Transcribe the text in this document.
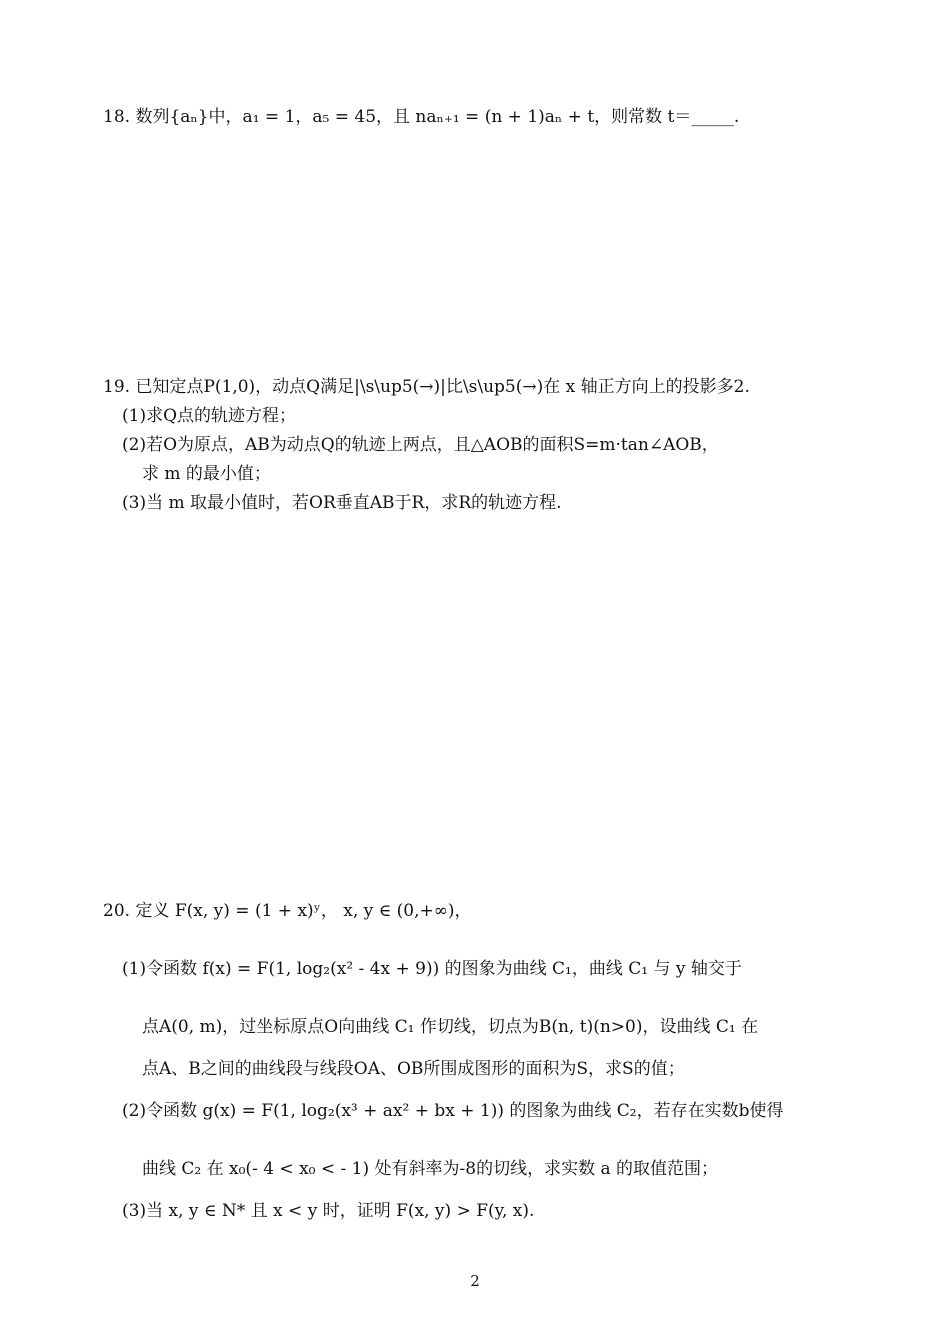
18. 数列{aₙ}中，a₁ = 1，a₅ = 45，且 naₙ₊₁ = (n + 1)aₙ + t，则常数 t＝_____.
19. 已知定点P(1,0)，动点Q满足|\s\up5(→)|比\s\up5(→)在 x 轴正方向上的投影多2.
(1)求Q点的轨迹方程；
(2)若O为原点，AB为动点Q的轨迹上两点，且△AOB的面积S=m·tan∠AOB，
求 m 的最小值；
(3)当 m 取最小值时，若OR垂直AB于R，求R的轨迹方程.
20. 定义 F(x, y) = (1 + x)ʸ， x, y ∈ (0,+∞)，
(1)令函数 f(x) = F(1, log₂(x² - 4x + 9)) 的图象为曲线 C₁，曲线 C₁ 与 y 轴交于
点A(0, m)，过坐标原点O向曲线 C₁ 作切线，切点为B(n, t)(n>0)，设曲线 C₁ 在
点A、B之间的曲线段与线段OA、OB所围成图形的面积为S，求S的值；
(2)令函数 g(x) = F(1, log₂(x³ + ax² + bx + 1)) 的图象为曲线 C₂，若存在实数b使得
曲线 C₂ 在 x₀(- 4 < x₀ < - 1) 处有斜率为-8的切线，求实数 a 的取值范围；
(3)当 x, y ∈ N* 且 x < y 时，证明 F(x, y) > F(y, x).
2
